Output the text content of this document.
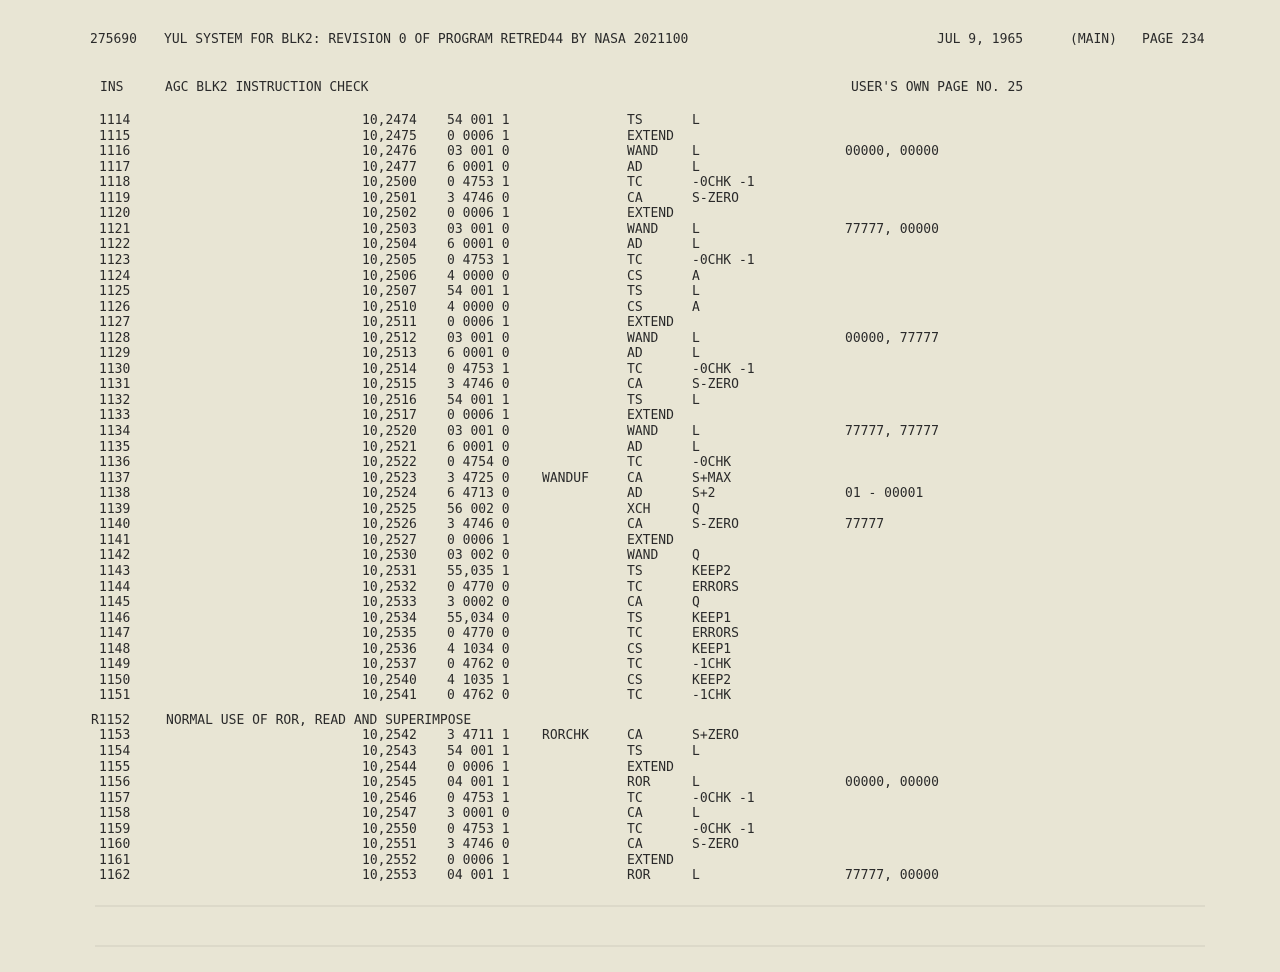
275690 YUL SYSTEM FOR BLK2: REVISION 0 OF PROGRAM RETRED44 BY NASA 2021100	JUL 9, 1965	(MAIN) PAGE 234
INS	AGC BLK2 INSTRUCTION CHECK	USER'S OWN PAGE NO. 25
1114	10,2474 54 001 1	TS	L
1115	10,2475 0 0006 1	EXTEND
1116	10,2476 03 001 0	WAND	L	00000, 00000
1117	10,2477 6 0001 0	AD	L
1118	10,2500 0 4753 1	TC	-0CHK -1
1119	10,2501 3 4746 0	CA	S-ZERO
1120	10,2502 0 0006 1	EXTEND
1121	10,2503 03 001 0	WAND	L	77777, 00000
1122	10,2504 6 0001 0	AD	L
1123	10,2505 0 4753 1	TC	-0CHK -1
1124	10,2506 4 0000 0	CS	A
1125	10,2507 54 001 1	TS	L
1126	10,2510 4 0000 0	CS	A
1127	10,2511 0 0006 1	EXTEND
1128	10,2512 03 001 0	WAND	L	00000, 77777
1129	10,2513 6 0001 0	AD	L
1130	10,2514 0 4753 1	TC	-0CHK -1
1131	10,2515 3 4746 0	CA	S-ZERO
1132	10,2516 54 001 1	TS	L
1133	10,2517 0 0006 1	EXTEND
1134	10,2520 03 001 0	WAND	L	77777, 77777
1135	10,2521 6 0001 0	AD	L
1136	10,2522 0 4754 0	TC	-0CHK
1137	10,2523 3 4725 0 WANDUF	CA	S+MAX
1138	10,2524 6 4713 0	AD	S+2	01 - 00001
1139	10,2525 56 002 0	XCH	Q
1140	10,2526 3 4746 0	CA	S-ZERO	77777
1141	10,2527 0 0006 1	EXTEND
1142	10,2530 03 002 0	WAND	Q
1143	10,2531 55,035 1	TS	KEEP2
1144	10,2532 0 4770 0	TC	ERRORS
1145	10,2533 3 0002 0	CA	Q
1146	10,2534 55,034 0	TS	KEEP1
1147	10,2535 0 4770 0	TC	ERRORS
1148	10,2536 4 1034 0	CS	KEEP1
1149	10,2537 0 4762 0	TC	-1CHK
1150	10,2540 4 1035 1	CS	KEEP2
1151	10,2541 0 4762 0	TC	-1CHK
R1152	NORMAL USE OF ROR, READ AND SUPERIMPOSE
1153	10,2542 3 4711 1 RORCHK	CA	S+ZERO
1154	10,2543 54 001 1	TS	L
1155	10,2544 0 0006 1	EXTEND
1156	10,2545 04 001 1	ROR	L	00000, 00000
1157	10,2546 0 4753 1	TC	-0CHK -1
1158	10,2547 3 0001 0	CA	L
1159	10,2550 0 4753 1	TC	-0CHK -1
1160	10,2551 3 4746 0	CA	S-ZERO
1161	10,2552 0 0006 1	EXTEND
1162	10,2553 04 001 1	ROR	L	77777, 00000
